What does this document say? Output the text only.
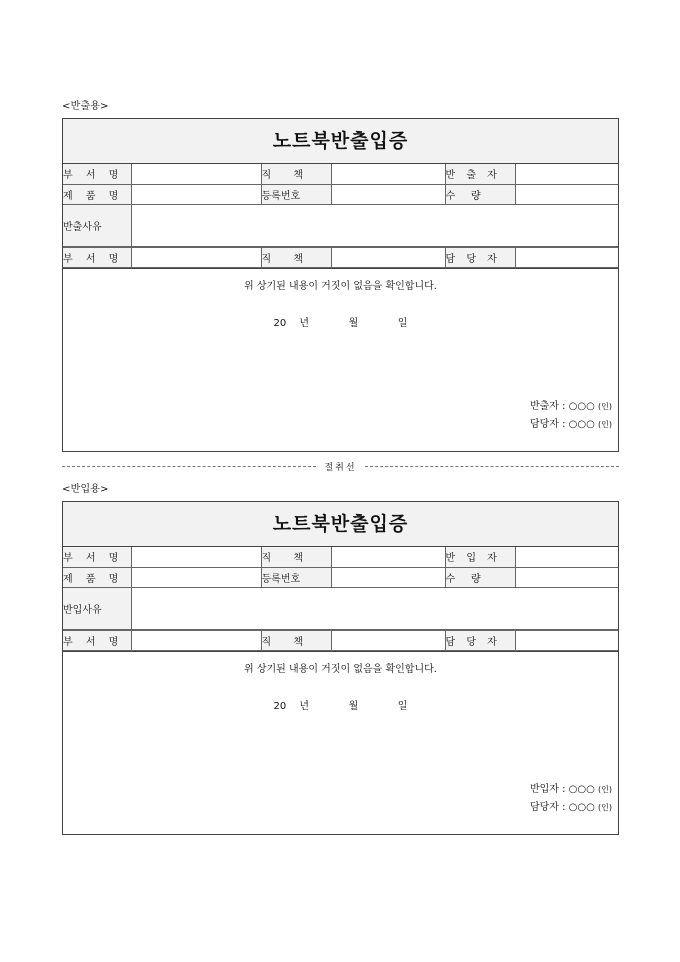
<반출용>
노트북반출입증
부 서 명		직       책		반 출 자	
제 품 명		등록번호		수     량	
반출사유					

부 서 명		직       책		담 당 자	
위 상기된 내용이 거짓이 없음을 확인합니다.
20 년   월   일
반출자 : ○○○ (인)
담당자 : ○○○ (인)
절취선
<반입용>
노트북반출입증
부 서 명		직       책		반 입 자	
제 품 명		등록번호		수     량	
반입사유					

부 서 명		직       책		담 당 자	
위 상기된 내용이 거짓이 없음을 확인합니다.
20 년   월   일
반입자 : ○○○ (인)
담당자 : ○○○ (인)
